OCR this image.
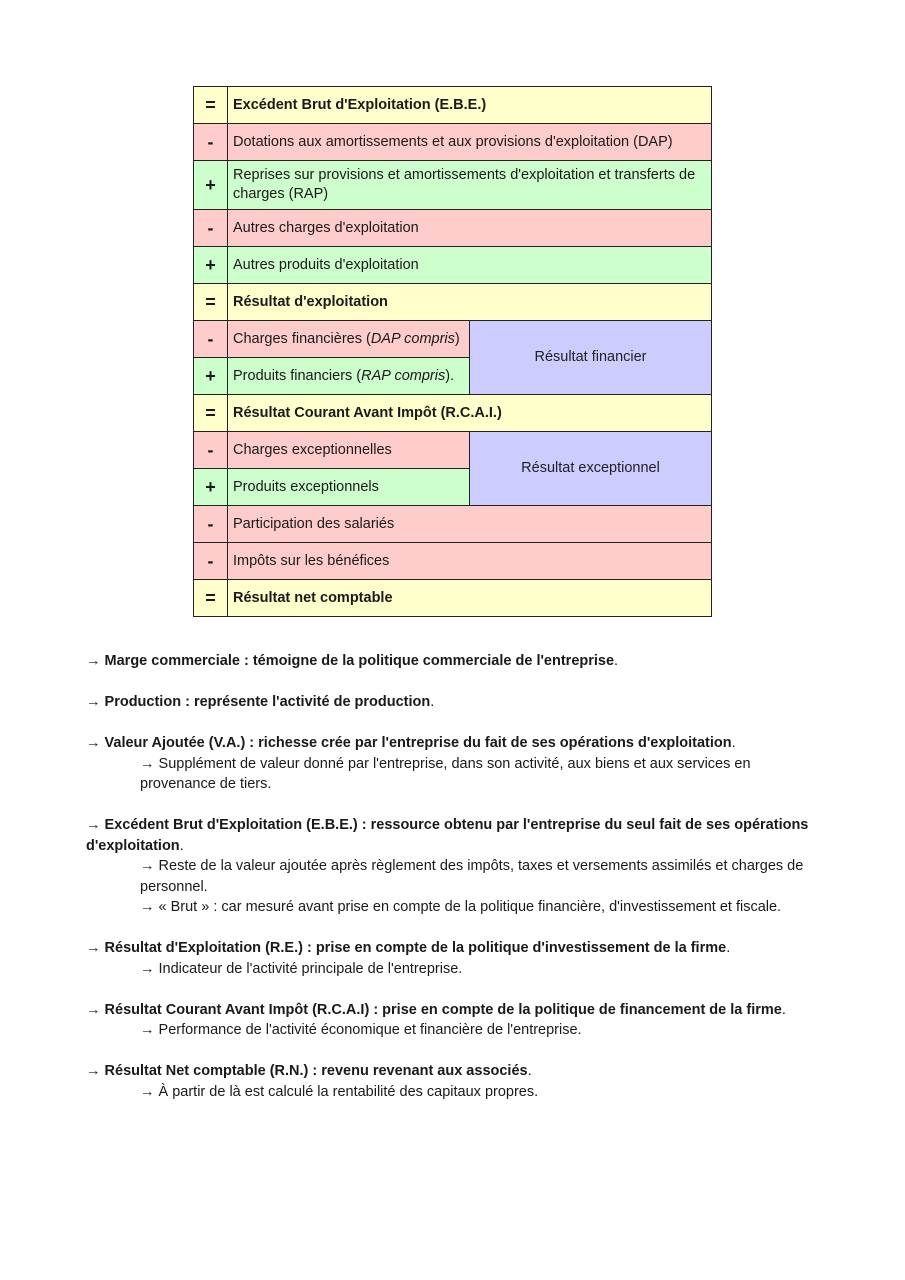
=	Excédent Brut d'Exploitation (E.B.E.)	
-	Dotations aux amortissements et aux provisions d'exploitation (DAP)	
+	Reprises sur provisions et amortissements d'exploitation et transferts de charges (RAP)	
-	Autres charges d'exploitation	
+	Autres produits d'exploitation	
=	Résultat d'exploitation	
-	Charges financières (DAP compris)	Résultat financier
+	Produits financiers (RAP compris).	
=	Résultat Courant Avant Impôt (R.C.A.I.)	
-	Charges exceptionnelles	Résultat exceptionnel
+	Produits exceptionnels	
-	Participation des salariés	
-	Impôts sur les bénéfices	
=	Résultat net comptable	
→ Marge commerciale : témoigne de la politique commerciale de l'entreprise.
→ Production : représente l'activité de production.
→ Valeur Ajoutée (V.A.) : richesse crée par l'entreprise du fait de ses opérations d'exploitation.
→ Supplément de valeur donné par l'entreprise, dans son activité, aux biens et aux services en provenance de tiers.
→ Excédent Brut d'Exploitation (E.B.E.) : ressource obtenu par l'entreprise du seul fait de ses opérations d'exploitation.
→ Reste de la valeur ajoutée après règlement des impôts, taxes et versements assimilés et charges de personnel.
→ « Brut » : car mesuré avant prise en compte de la politique financière, d'investissement et fiscale.
→ Résultat d'Exploitation (R.E.) : prise en compte de la politique d'investissement de la firme.
→ Indicateur de l'activité principale de l'entreprise.
→ Résultat Courant Avant Impôt (R.C.A.I) : prise en compte de la politique de financement de la firme.
→ Performance de l'activité économique et financière de l'entreprise.
→ Résultat Net comptable (R.N.) : revenu revenant aux associés.
→ À partir de là est calculé la rentabilité des capitaux propres.
